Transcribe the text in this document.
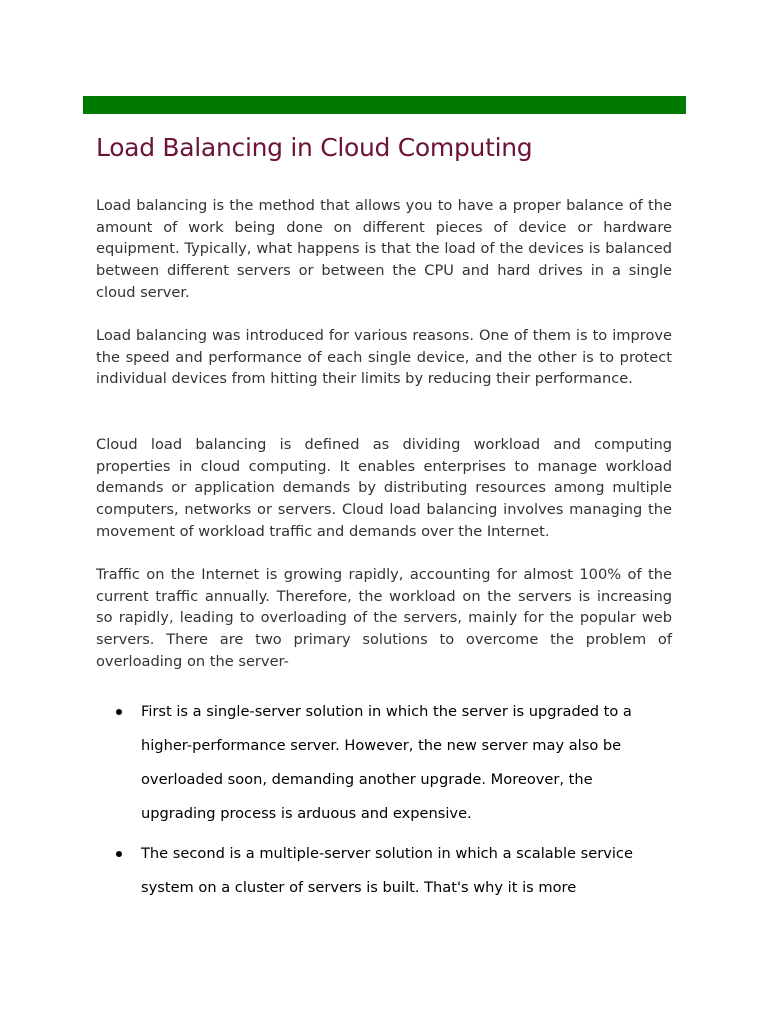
Load Balancing in Cloud Computing

Load balancing is the method that allows you to have a proper balance of the amount of work being done on different pieces of device or hardware equipment. Typically, what happens is that the load of the devices is balanced between different servers or between the CPU and hard drives in a single cloud server.

Load balancing was introduced for various reasons. One of them is to improve the speed and performance of each single device, and the other is to protect individual devices from hitting their limits by reducing their performance.

Cloud load balancing is defined as dividing workload and computing properties in cloud computing. It enables enterprises to manage workload demands or application demands by distributing resources among multiple computers, networks or servers. Cloud load balancing involves managing the movement of workload traffic and demands over the Internet.

Traffic on the Internet is growing rapidly, accounting for almost 100% of the current traffic annually. Therefore, the workload on the servers is increasing so rapidly, leading to overloading of the servers, mainly for the popular web servers. There are two primary solutions to overcome the problem of overloading on the server-

First is a single-server solution in which the server is upgraded to a higher-performance server. However, the new server may also be overloaded soon, demanding another upgrade. Moreover, the upgrading process is arduous and expensive.
The second is a multiple-server solution in which a scalable service system on a cluster of servers is built. That's why it is more
